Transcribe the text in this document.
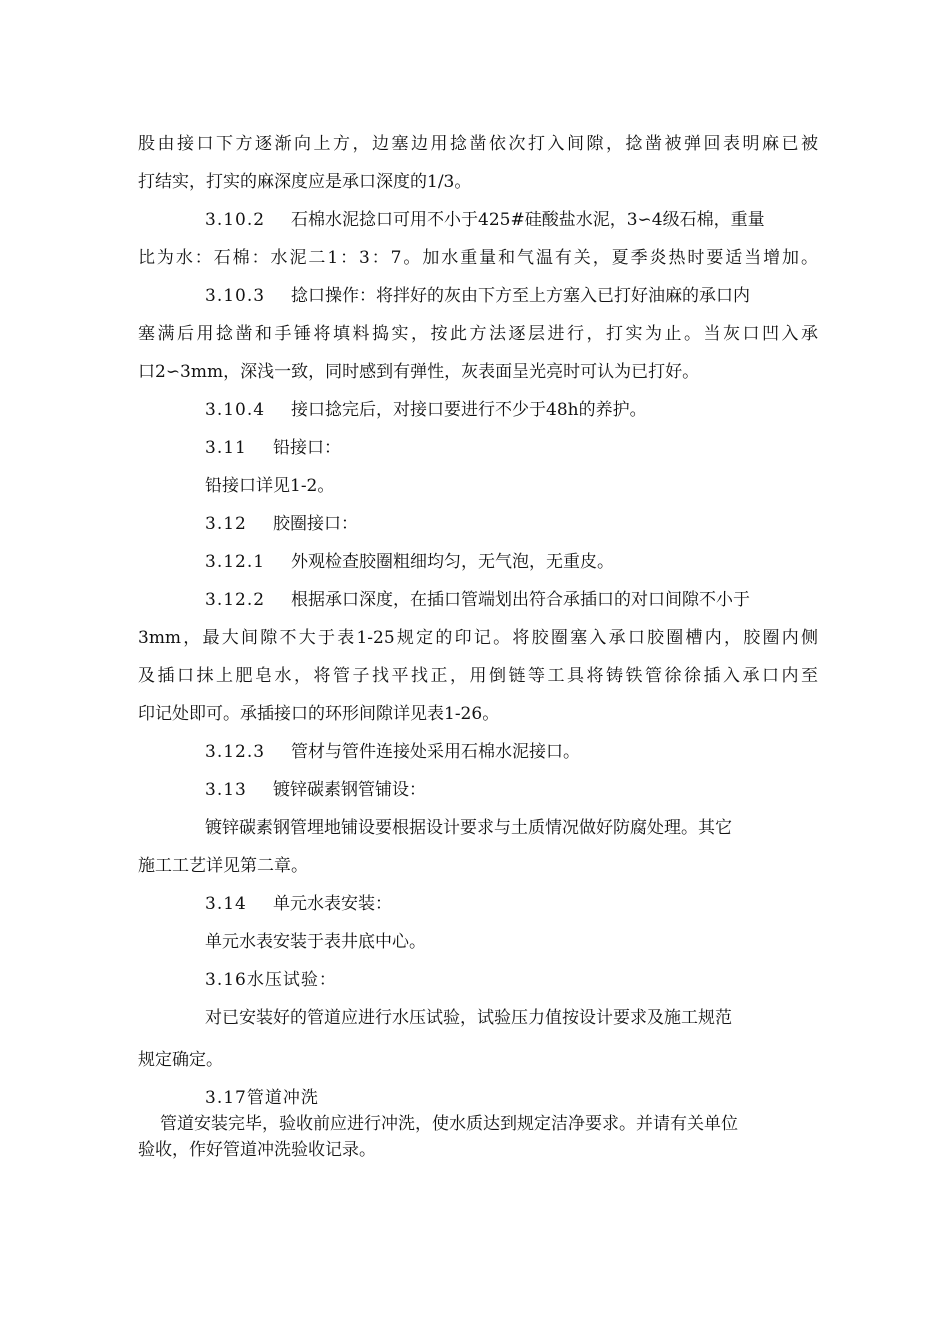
股由接口下方逐渐向上方，边塞边用捻凿依次打入间隙，捻凿被弹回表明麻已被
打结实，打实的麻深度应是承口深度的1/3。
3.10.2 石棉水泥捻口可用不小于425#硅酸盐水泥，3∽4级石棉，重量
比为水：石棉：水泥二1：3：7。加水重量和气温有关，夏季炎热时要适当增加。
3.10.3 捻口操作：将拌好的灰由下方至上方塞入已打好油麻的承口内
塞满后用捻凿和手锤将填料捣实，按此方法逐层进行，打实为止。当灰口凹入承
口2∽3mm，深浅一致，同时感到有弹性，灰表面呈光亮时可认为已打好。
3.10.4 接口捻完后，对接口要进行不少于48h的养护。
3.11 铅接口：
铅接口详见1-2。
3.12 胶圈接口：
3.12.1 外观检查胶圈粗细均匀，无气泡，无重皮。
3.12.2 根据承口深度，在插口管端划出符合承插口的对口间隙不小于
3mm，最大间隙不大于表1-25规定的印记。将胶圈塞入承口胶圈槽内，胶圈内侧
及插口抹上肥皂水，将管子找平找正，用倒链等工具将铸铁管徐徐插入承口内至
印记处即可。承插接口的环形间隙详见表1-26。
3.12.3 管材与管件连接处采用石棉水泥接口。
3.13 镀锌碳素钢管铺设：
镀锌碳素钢管埋地铺设要根据设计要求与土质情况做好防腐处理。其它
施工工艺详见第二章。
3.14 单元水表安装：
单元水表安装于表井底中心。
3.16水压试验：
对已安装好的管道应进行水压试验，试验压力值按设计要求及施工规范
规定确定。
3.17管道冲洗
管道安装完毕，验收前应进行冲洗，使水质达到规定洁净要求。并请有关单位
验收，作好管道冲洗验收记录。
